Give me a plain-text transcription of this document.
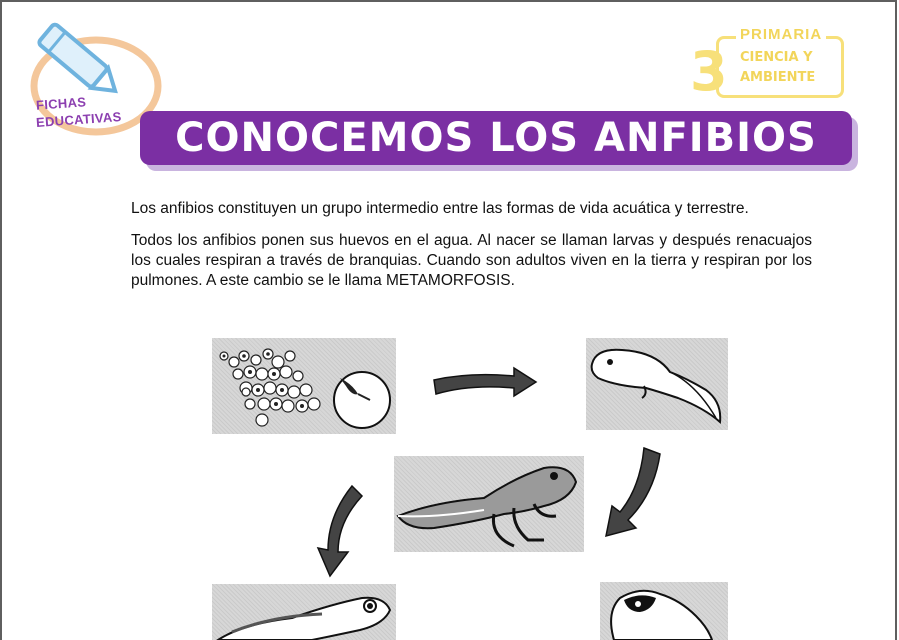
FICHAS
EDUCATIVAS
3
PRIMARIA
CIENCIA Y
AMBIENTE
CONOCEMOS LOS ANFIBIOS

Los anfibios constituyen un grupo intermedio entre las formas de vida acuática y terrestre.

Todos los anfibios ponen sus huevos en el agua. Al nacer se llaman larvas y después renacuajos los cuales respiran a través de branquias. Cuando son adultos viven en la tierra y respiran por los pulmones. A este cambio se le llama METAMORFOSIS.
